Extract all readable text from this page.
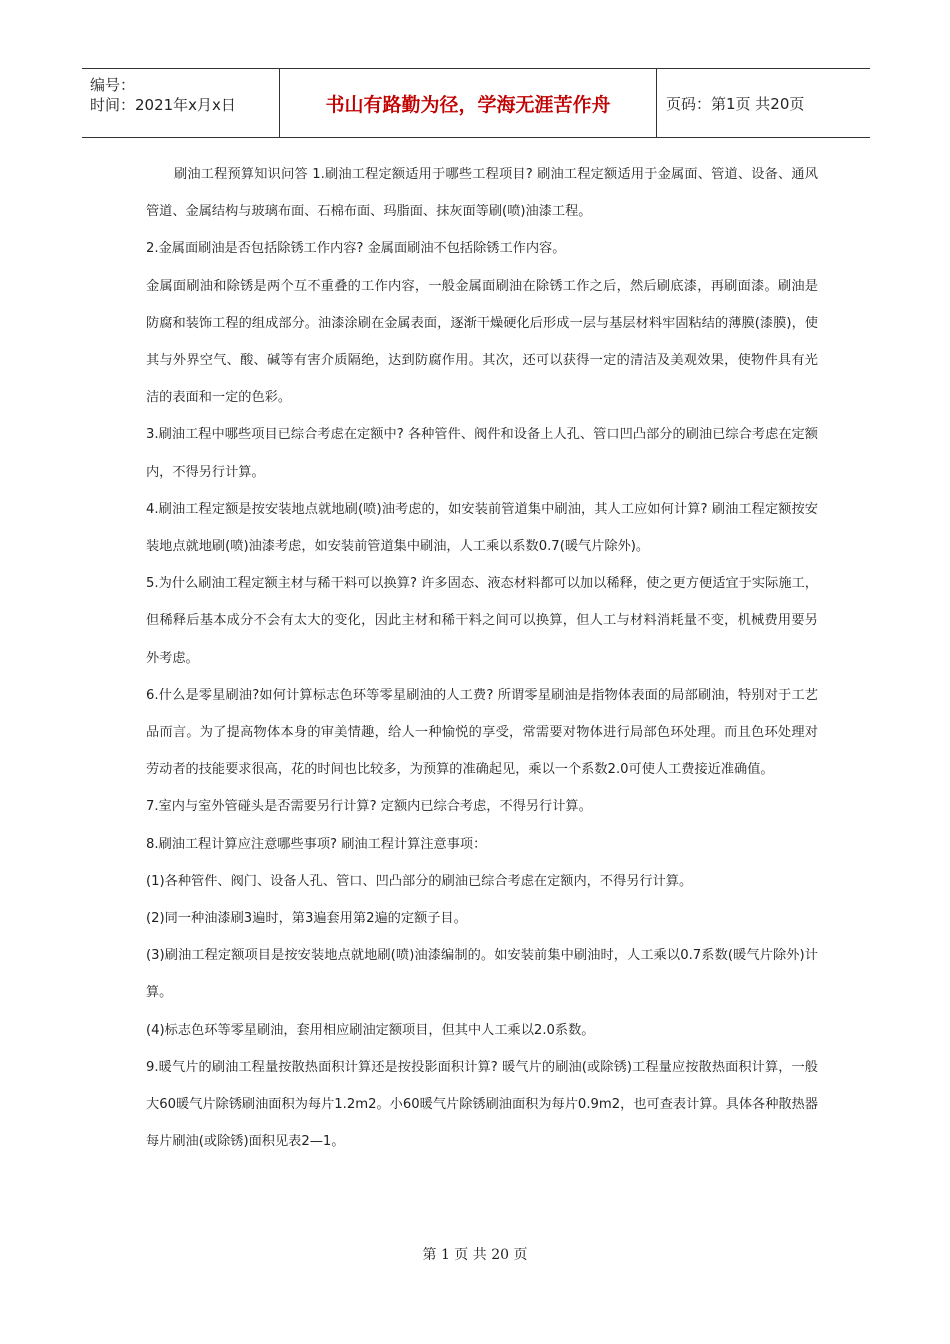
编号：
时间：2021年x月x日	书山有路勤为径，学海无涯苦作舟	页码：第1页 共20页

刷油工程预算知识问答 1.刷油工程定额适用于哪些工程项目? 刷油工程定额适用于金属面、管道、设备、通风管道、金属结构与玻璃布面、石棉布面、玛脂面、抹灰面等刷(喷)油漆工程。

2.金属面刷油是否包括除锈工作内容? 金属面刷油不包括除锈工作内容。

金属面刷油和除锈是两个互不重叠的工作内容，一般金属面刷油在除锈工作之后，然后刷底漆，再刷面漆。刷油是防腐和装饰工程的组成部分。油漆涂刷在金属表面，逐渐干燥硬化后形成一层与基层材料牢固粘结的薄膜(漆膜)，使其与外界空气、酸、碱等有害介质隔绝，达到防腐作用。其次，还可以获得一定的清洁及美观效果，使物件具有光洁的表面和一定的色彩。

3.刷油工程中哪些项目已综合考虑在定额中? 各种管件、阀件和设备上人孔、管口凹凸部分的刷油已综合考虑在定额内，不得另行计算。

4.刷油工程定额是按安装地点就地刷(喷)油考虑的，如安装前管道集中刷油，其人工应如何计算? 刷油工程定额按安装地点就地刷(喷)油漆考虑，如安装前管道集中刷油，人工乘以系数0.7(暖气片除外)。

5.为什么刷油工程定额主材与稀干料可以换算? 许多固态、液态材料都可以加以稀释，使之更方便适宜于实际施工，但稀释后基本成分不会有太大的变化，因此主材和稀干料之间可以换算，但人工与材料消耗量不变，机械费用要另外考虑。

6.什么是零星刷油?如何计算标志色环等零星刷油的人工费? 所谓零星刷油是指物体表面的局部刷油，特别对于工艺品而言。为了提高物体本身的审美情趣，给人一种愉悦的享受，常需要对物体进行局部色环处理。而且色环处理对劳动者的技能要求很高，花的时间也比较多，为预算的准确起见，乘以一个系数2.0可使人工费接近准确值。

7.室内与室外管碰头是否需要另行计算? 定额内已综合考虑，不得另行计算。

8.刷油工程计算应注意哪些事项? 刷油工程计算注意事项：

(1)各种管件、阀门、设备人孔、管口、凹凸部分的刷油已综合考虑在定额内，不得另行计算。

(2)同一种油漆刷3遍时，第3遍套用第2遍的定额子目。

(3)刷油工程定额项目是按安装地点就地刷(喷)油漆编制的。如安装前集中刷油时，人工乘以0.7系数(暖气片除外)计算。

(4)标志色环等零星刷油，套用相应刷油定额项目，但其中人工乘以2.0系数。

9.暖气片的刷油工程量按散热面积计算还是按投影面积计算? 暖气片的刷油(或除锈)工程量应按散热面积计算，一般大60暖气片除锈刷油面积为每片1.2m2。小60暖气片除锈刷油面积为每片0.9m2，也可查表计算。具体各种散热器每片刷油(或除锈)面积见表2—1。

第 1 页 共 20 页
